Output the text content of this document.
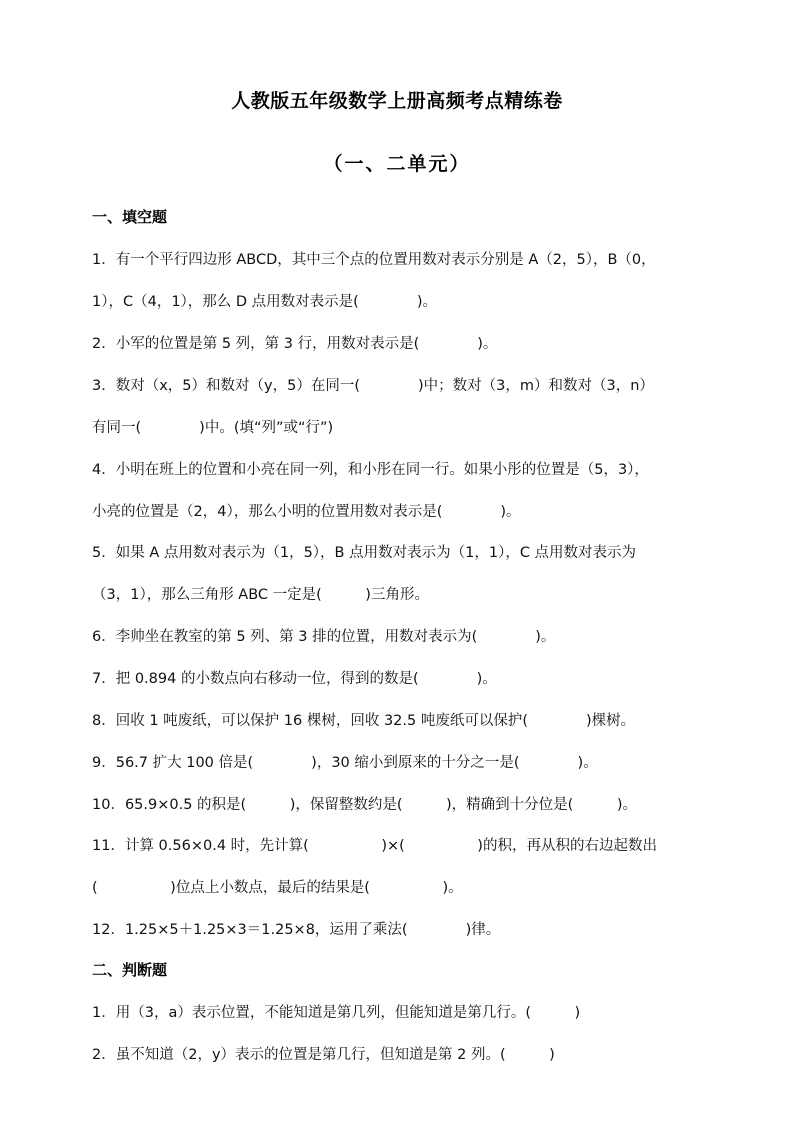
人教版五年级数学上册高频考点精练卷
（一、二单元）
一、填空题
1．有一个平行四边形 ABCD，其中三个点的位置用数对表示分别是 A（2，5），B（0，
1），C（4，1），那么 D 点用数对表示是(　　　　)。
2．小军的位置是第 5 列，第 3 行，用数对表示是(　　　　)。
3．数对（x，5）和数对（y，5）在同一(　　　　)中；数对（3，m）和数对（3，n）
有同一(　　　　)中。(填“列”或“行”)
4．小明在班上的位置和小亮在同一列，和小彤在同一行。如果小彤的位置是（5，3），
小亮的位置是（2，4），那么小明的位置用数对表示是(　　　　)。
5．如果 A 点用数对表示为（1，5），B 点用数对表示为（1，1），C 点用数对表示为
（3，1），那么三角形 ABC 一定是(　　　)三角形。
6．李帅坐在教室的第 5 列、第 3 排的位置，用数对表示为(　　　　)。
7．把 0.894 的小数点向右移动一位，得到的数是(　　　　)。
8．回收 1 吨废纸，可以保护 16 棵树，回收 32.5 吨废纸可以保护(　　　　)棵树。
9．56.7 扩大 100 倍是(　　　　)，30 缩小到原来的十分之一是(　　　　)。
10．65.9×0.5 的积是(　　　)，保留整数约是(　　　)，精确到十分位是(　　　)。
11．计算 0.56×0.4 时，先计算(　　　　　)×(　　　　　)的积，再从积的右边起数出
(　　　　　)位点上小数点，最后的结果是(　　　　　)。
12．1.25×5＋1.25×3＝1.25×8，运用了乘法(　　　　)律。
二、判断题
1．用（3，a）表示位置，不能知道是第几列，但能知道是第几行。(　　　)
2．虽不知道（2，y）表示的位置是第几行，但知道是第 2 列。(　　　)
